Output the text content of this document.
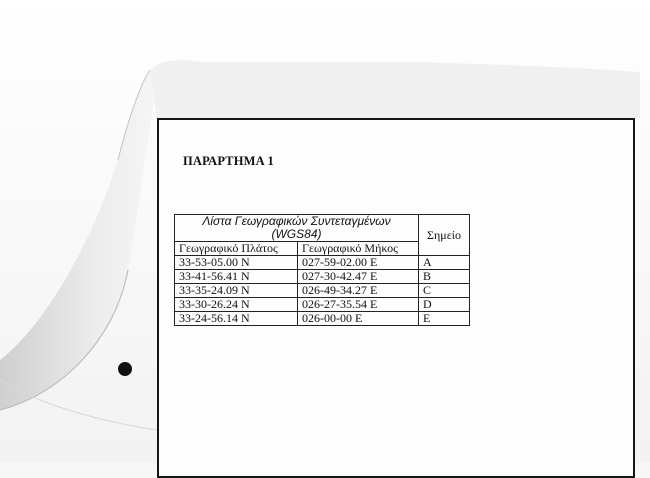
ΠΑΡΑΡΤΗΜΑ 1
Λίστα Γεωγραφικών Συντεταγμένων
(WGS84)		Σημείο
Γεωγραφικό Πλάτος	Γεωγραφικό Μήκος	
33-53-05.00 N	027-59-02.00 E	A
33-41-56.41 N	027-30-42.47 E	B
33-35-24.09 N	026-49-34.27 E	C
33-30-26.24 N	026-27-35.54 E	D
33-24-56.14 N	026-00-00 E	E
